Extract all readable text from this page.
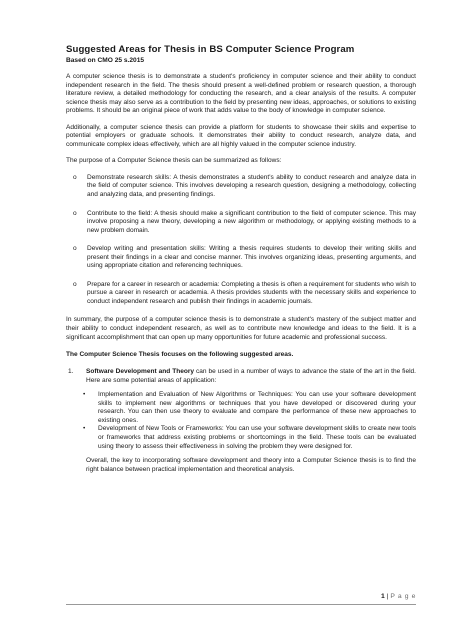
Suggested Areas for Thesis in BS Computer Science Program
Based on CMO 25 s.2015

A computer science thesis is to demonstrate a student's proficiency in computer science and their ability to conduct independent research in the field. The thesis should present a well-defined problem or research question, a thorough literature review, a detailed methodology for conducting the research, and a clear analysis of the results. A computer science thesis may also serve as a contribution to the field by presenting new ideas, approaches, or solutions to existing problems. It should be an original piece of work that adds value to the body of knowledge in computer science.

Additionally, a computer science thesis can provide a platform for students to showcase their skills and expertise to potential employers or graduate schools. It demonstrates their ability to conduct research, analyze data, and communicate complex ideas effectively, which are all highly valued in the computer science industry.

The purpose of a Computer Science thesis can be summarized as follows:

o Demonstrate research skills: A thesis demonstrates a student's ability to conduct research and analyze data in the field of computer science. This involves developing a research question, designing a methodology, collecting and analyzing data, and presenting findings.
o Contribute to the field: A thesis should make a significant contribution to the field of computer science. This may involve proposing a new theory, developing a new algorithm or methodology, or applying existing methods to a new problem domain.
o Develop writing and presentation skills: Writing a thesis requires students to develop their writing skills and present their findings in a clear and concise manner. This involves organizing ideas, presenting arguments, and using appropriate citation and referencing techniques.
o Prepare for a career in research or academia: Completing a thesis is often a requirement for students who wish to pursue a career in research or academia. A thesis provides students with the necessary skills and experience to conduct independent research and publish their findings in academic journals.

In summary, the purpose of a computer science thesis is to demonstrate a student's mastery of the subject matter and their ability to conduct independent research, as well as to contribute new knowledge and ideas to the field. It is a significant accomplishment that can open up many opportunities for future academic and professional success.

The Computer Science Thesis focuses on the following suggested areas.
1. Software Development and Theory can be used in a number of ways to advance the state of the art in the field. Here are some potential areas of application:
• Implementation and Evaluation of New Algorithms or Techniques: You can use your software development skills to implement new algorithms or techniques that you have developed or discovered during your research. You can then use theory to evaluate and compare the performance of these new approaches to existing ones.
• Development of New Tools or Frameworks: You can use your software development skills to create new tools or frameworks that address existing problems or shortcomings in the field. These tools can be evaluated using theory to assess their effectiveness in solving the problem they were designed for.
Overall, the key to incorporating software development and theory into a Computer Science thesis is to find the right balance between practical implementation and theoretical analysis.
1 | P a g e
